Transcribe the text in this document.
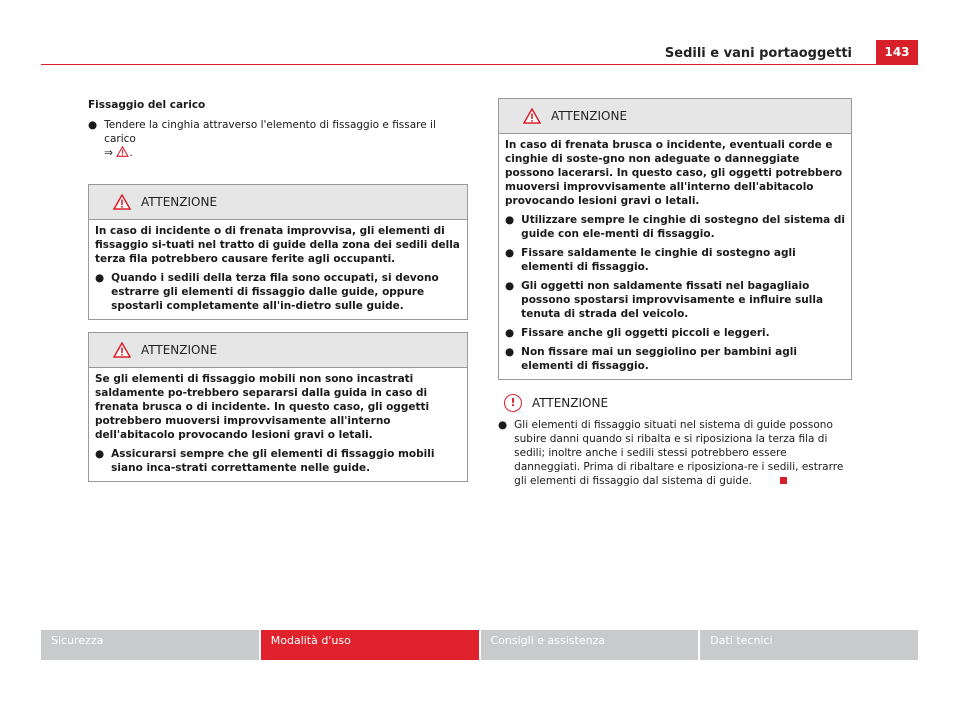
Sedili e vani portaoggetti	143

Fissaggio del carico

● Tendere la cinghia attraverso l'elemento di fissaggio e fissare il carico
⇒ .
ATTENZIONE

In caso di incidente o di frenata improvvisa, gli elementi di fissaggio si-tuati nel tratto di guide della zona dei sedili della terza fila potrebbero causare ferite agli occupanti.

● Quando i sedili della terza fila sono occupati, si devono estrarre gli elementi di fissaggio dalle guide, oppure spostarli completamente all'in-dietro sulle guide.
ATTENZIONE

Se gli elementi di fissaggio mobili non sono incastrati saldamente po-trebbero separarsi dalla guida in caso di frenata brusca o di incidente. In questo caso, gli oggetti potrebbero muoversi improvvisamente all'interno dell'abitacolo provocando lesioni gravi o letali.

● Assicurarsi sempre che gli elementi di fissaggio mobili siano inca-strati correttamente nelle guide.
ATTENZIONE

In caso di frenata brusca o incidente, eventuali corde e cinghie di soste-gno non adeguate o danneggiate possono lacerarsi. In questo caso, gli oggetti potrebbero muoversi improvvisamente all'interno dell'abitacolo provocando lesioni gravi o letali.

● Utilizzare sempre le cinghie di sostegno del sistema di guide con ele-menti di fissaggio.
● Fissare saldamente le cinghie di sostegno agli elementi di fissaggio.
● Gli oggetti non saldamente fissati nel bagagliaio possono spostarsi improvvisamente e influire sulla tenuta di strada del veicolo.
● Fissare anche gli oggetti piccoli e leggeri.
● Non fissare mai un seggiolino per bambini agli elementi di fissaggio.
!	ATTENZIONE
● Gli elementi di fissaggio situati nel sistema di guide possono subire danni quando si ribalta e si riposiziona la terza fila di sedili; inoltre anche i sedili stessi potrebbero essere danneggiati. Prima di ribaltare e riposiziona-re i sedili, estrarre gli elementi di fissaggio dal sistema di guide.
Sicurezza	Modalità d'uso	Consigli e assistenza	Dati tecnici
